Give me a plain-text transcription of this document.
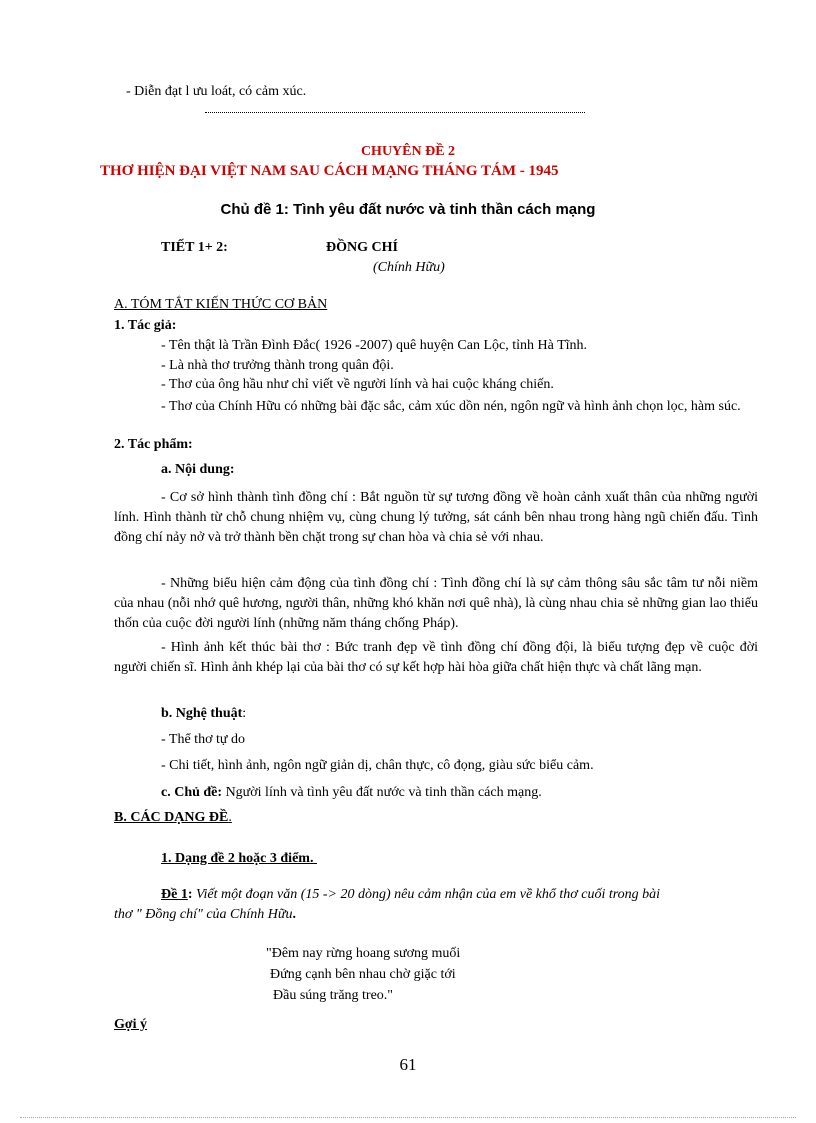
- Diễn đạt l ưu loát, có cảm xúc.
CHUYÊN ĐỀ 2
THƠ HIỆN ĐẠI VIỆT NAM SAU CÁCH MẠNG THÁNG TÁM - 1945
Chủ đề 1: Tình yêu đất nước và tinh thần cách mạng
TIẾT 1+ 2:	ĐỒNG CHÍ
(Chính Hữu)
A. TÓM TẮT KIẾN THỨC CƠ BẢN
1. Tác giả:
- Tên thật là Trần Đình Đắc( 1926 -2007) quê huyện Can Lộc, tỉnh Hà Tĩnh.
- Là nhà thơ trưởng thành trong quân đội.
- Thơ của ông hầu như chỉ viết về người lính và hai cuộc kháng chiến.
- Thơ của Chính Hữu có những bài đặc sắc, cảm xúc dồn nén, ngôn ngữ và hình ảnh chọn lọc, hàm súc.
2. Tác phẩm:
a. Nội dung:
- Cơ sở hình thành tình đồng chí : Bắt nguồn từ sự tương đồng về hoàn cảnh xuất thân của những người lính. Hình thành từ chỗ chung nhiệm vụ, cùng chung lý tưởng, sát cánh bên nhau trong hàng ngũ chiến đấu. Tình đồng chí nảy nở và trở thành bền chặt trong sự chan hòa và chia sẻ với nhau.
- Những biểu hiện cảm động của tình đồng chí : Tình đồng chí là sự cảm thông sâu sắc tâm tư nỗi niềm của nhau (nỗi nhớ quê hương, người thân, những khó khăn nơi quê nhà), là cùng nhau chia sẻ những gian lao thiếu thốn của cuộc đời người lính (những năm tháng chống Pháp).
- Hình ảnh kết thúc bài thơ : Bức tranh đẹp về tình đồng chí đồng đội, là biểu tượng đẹp về cuộc đời người chiến sĩ. Hình ảnh khép lại của bài thơ có sự kết hợp hài hòa giữa chất hiện thực và chất lãng mạn.
b. Nghệ thuật:
- Thể thơ tự do
- Chi tiết, hình ảnh, ngôn ngữ giản dị, chân thực, cô đọng, giàu sức biểu cảm.
c. Chủ đề: Người lính và tình yêu đất nước và tinh thần cách mạng.
B. CÁC DẠNG ĐỀ.
1. Dạng đề 2 hoặc 3 điểm.
Đề 1: Viết một đoạn văn (15 -> 20 dòng) nêu cảm nhận của em về khổ thơ cuối trong bài
thơ " Đồng chí" của Chính Hữu.
"Đêm nay rừng hoang sương muối
Đứng cạnh bên nhau chờ giặc tới
Đầu súng trăng treo."
Gợi ý
61
